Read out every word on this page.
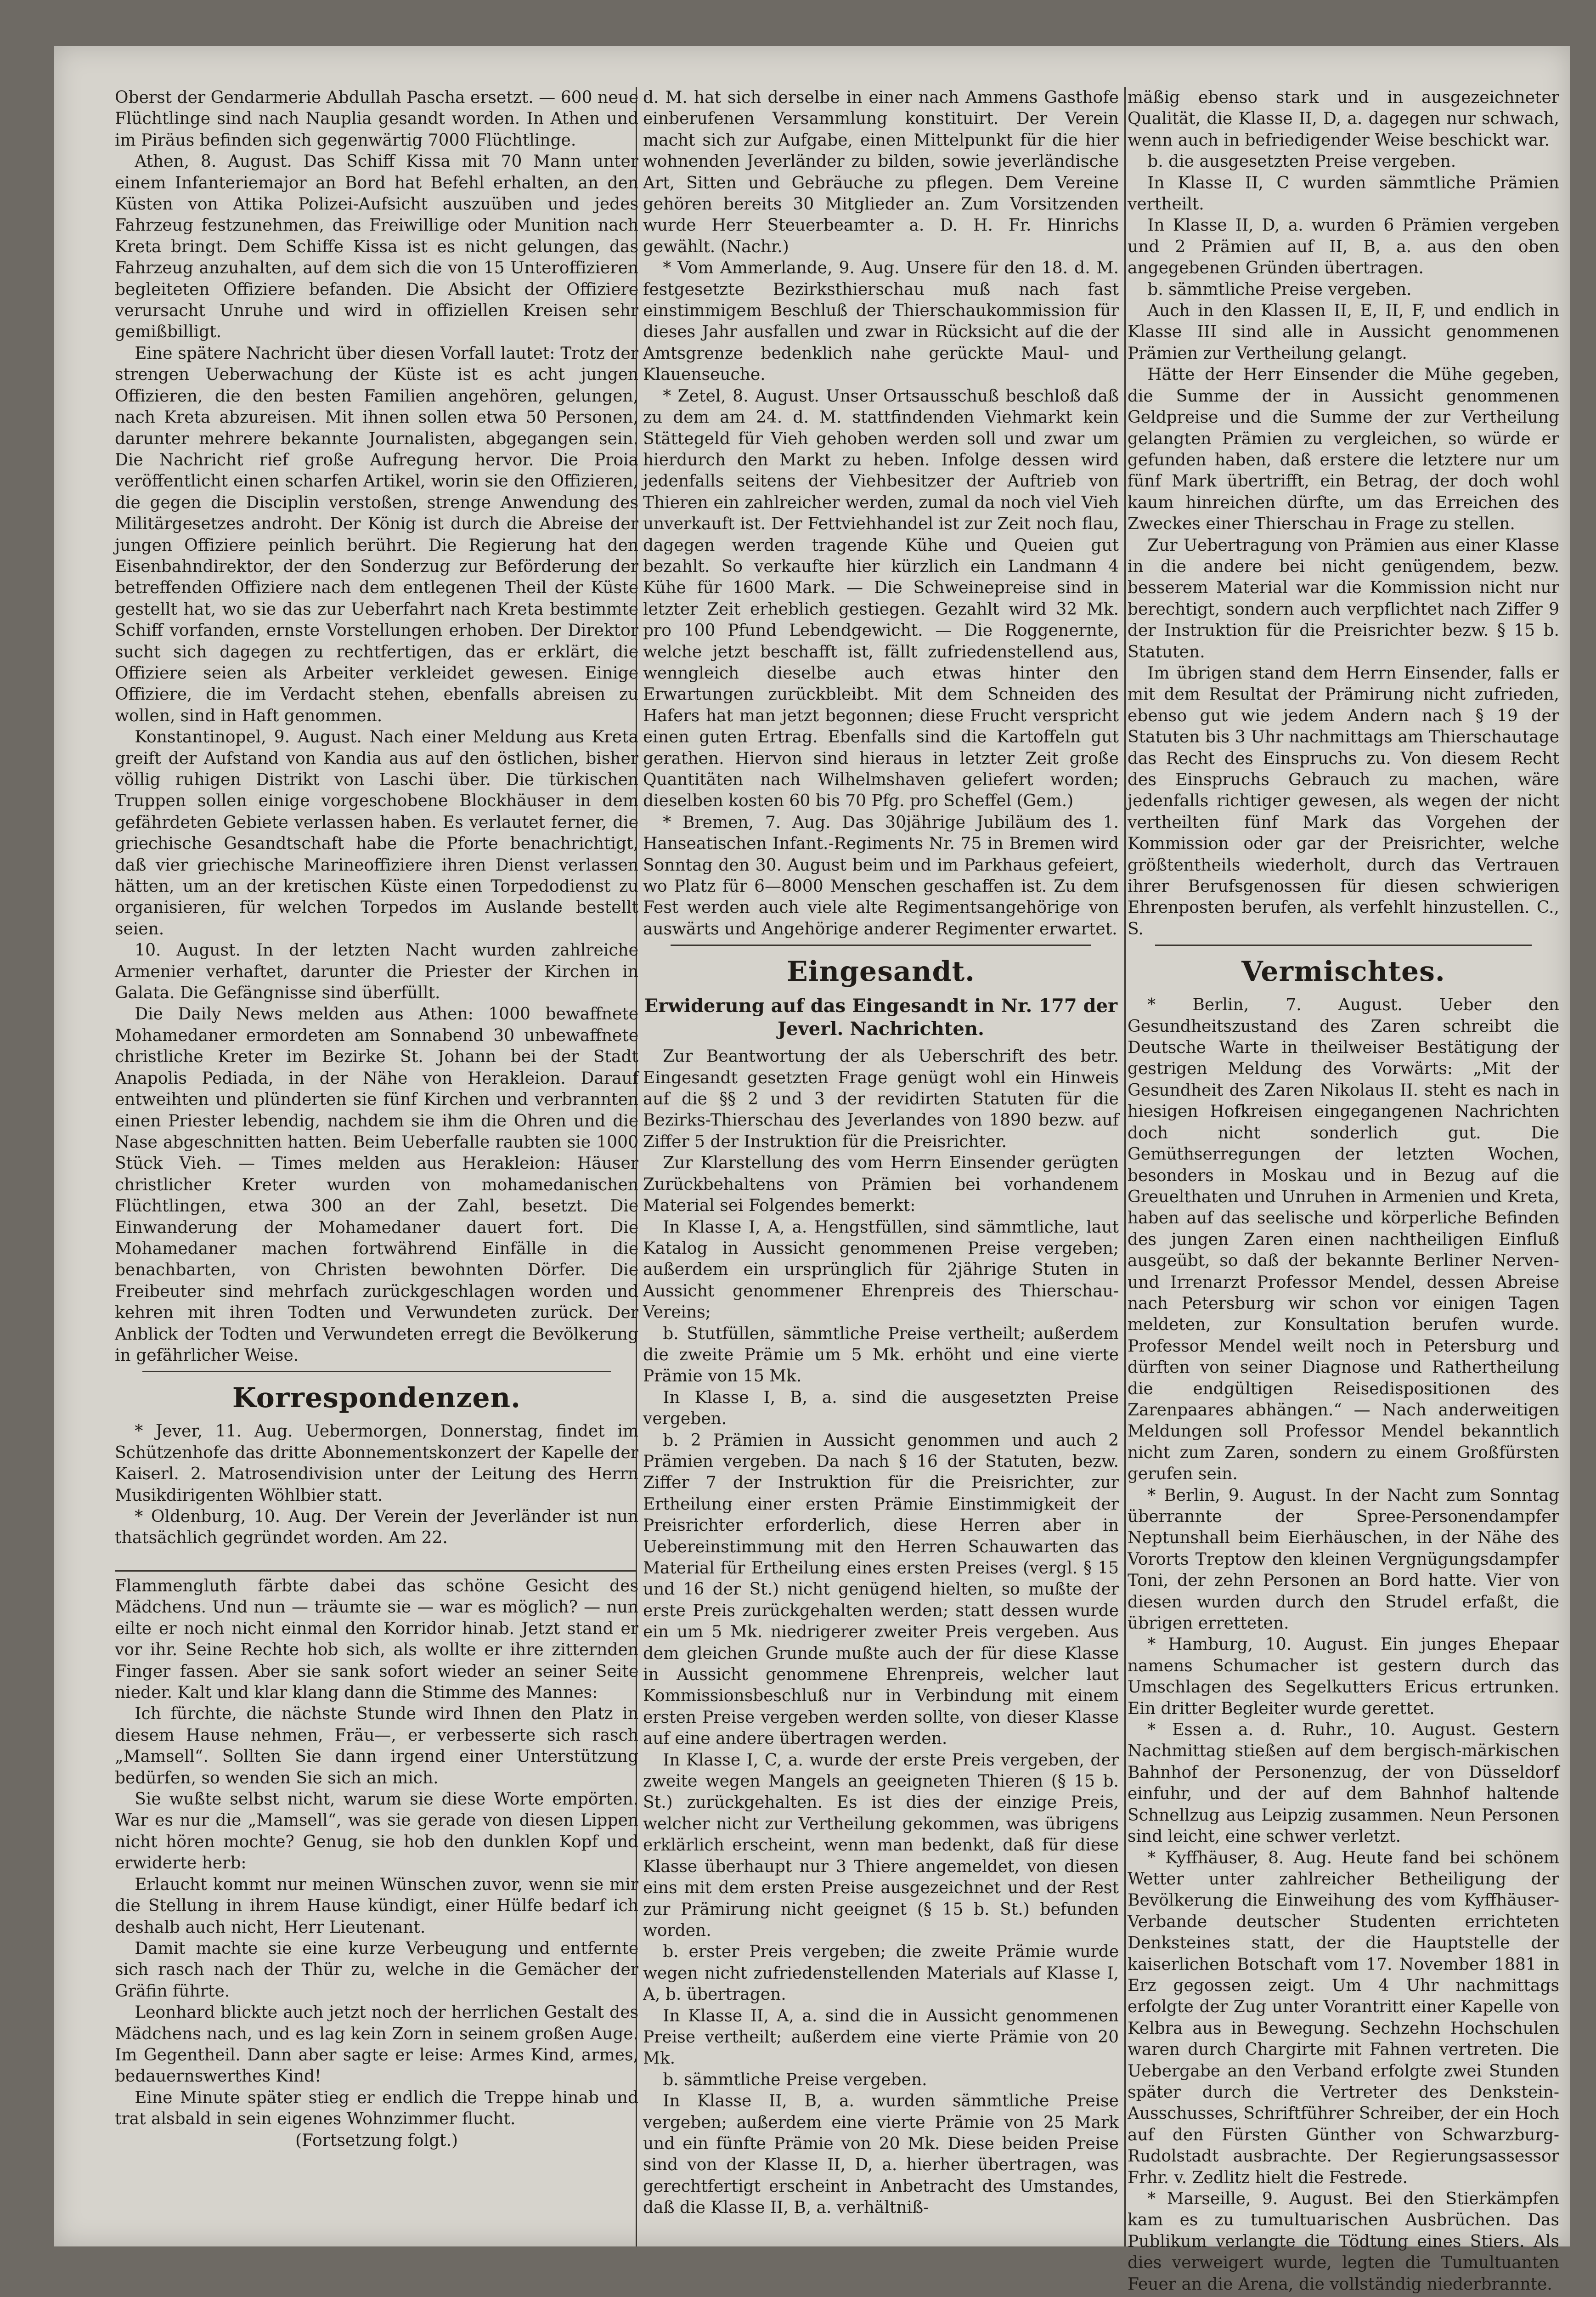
Oberst der Gendarmerie Abdullah Pascha ersetzt. — 600 neue Flüchtlinge sind nach Nauplia gesandt worden. In Athen und im Piräus befinden sich gegenwärtig 7000 Flüchtlinge.

Athen, 8. August. Das Schiff Kissa mit 70 Mann unter einem Infanteriemajor an Bord hat Befehl erhalten, an den Küsten von Attika Polizei-Aufsicht auszuüben und jedes Fahrzeug festzunehmen, das Freiwillige oder Munition nach Kreta bringt. Dem Schiffe Kissa ist es nicht gelungen, das Fahrzeug anzuhalten, auf dem sich die von 15 Unteroffizieren begleiteten Offiziere befanden. Die Absicht der Offiziere verursacht Unruhe und wird in offiziellen Kreisen sehr gemißbilligt.

Eine spätere Nachricht über diesen Vorfall lautet: Trotz der strengen Ueberwachung der Küste ist es acht jungen Offizieren, die den besten Familien angehören, gelungen, nach Kreta abzureisen. Mit ihnen sollen etwa 50 Personen, darunter mehrere bekannte Journalisten, abgegangen sein. Die Nachricht rief große Aufregung hervor. Die Proia veröffentlicht einen scharfen Artikel, worin sie den Offizieren, die gegen die Disciplin verstoßen, strenge Anwendung des Militärgesetzes androht. Der König ist durch die Abreise der jungen Offiziere peinlich berührt. Die Regierung hat den Eisenbahndirektor, der den Sonderzug zur Beförderung der betreffenden Offiziere nach dem entlegenen Theil der Küste gestellt hat, wo sie das zur Ueberfahrt nach Kreta bestimmte Schiff vorfanden, ernste Vorstellungen erhoben. Der Direktor sucht sich dagegen zu rechtfertigen, das er erklärt, die Offiziere seien als Arbeiter verkleidet gewesen. Einige Offiziere, die im Verdacht stehen, ebenfalls abreisen zu wollen, sind in Haft genommen.

Konstantinopel, 9. August. Nach einer Meldung aus Kreta greift der Aufstand von Kandia aus auf den östlichen, bisher völlig ruhigen Distrikt von Laschi über. Die türkischen Truppen sollen einige vorgeschobene Blockhäuser in dem gefährdeten Gebiete verlassen haben. Es verlautet ferner, die griechische Gesandtschaft habe die Pforte benachrichtigt, daß vier griechische Marineoffiziere ihren Dienst verlassen hätten, um an der kretischen Küste einen Torpedodienst zu organisieren, für welchen Torpedos im Auslande bestellt seien.

10. August. In der letzten Nacht wurden zahlreiche Armenier verhaftet, darunter die Priester der Kirchen in Galata. Die Gefängnisse sind überfüllt.

Die Daily News melden aus Athen: 1000 bewaffnete Mohamedaner ermordeten am Sonnabend 30 unbewaffnete christliche Kreter im Bezirke St. Johann bei der Stadt Anapolis Pediada, in der Nähe von Herakleion. Darauf entweihten und plünderten sie fünf Kirchen und verbrannten einen Priester lebendig, nachdem sie ihm die Ohren und die Nase abgeschnitten hatten. Beim Ueberfalle raubten sie 1000 Stück Vieh. — Times melden aus Herakleion: Häuser christlicher Kreter wurden von mohamedanischen Flüchtlingen, etwa 300 an der Zahl, besetzt. Die Einwanderung der Mohamedaner dauert fort. Die Mohamedaner machen fortwährend Einfälle in die benachbarten, von Christen bewohnten Dörfer. Die Freibeuter sind mehrfach zurückgeschlagen worden und kehren mit ihren Todten und Verwundeten zurück. Der Anblick der Todten und Verwundeten erregt die Bevölkerung in gefährlicher Weise.

Korrespondenzen.

* Jever, 11. Aug. Uebermorgen, Donnerstag, findet im Schützenhofe das dritte Abonnementskonzert der Kapelle der Kaiserl. 2. Matrosendivision unter der Leitung des Herrn Musikdirigenten Wöhlbier statt.

* Oldenburg, 10. Aug. Der Verein der Jeverländer ist nun thatsächlich gegründet worden. Am 22.

Flammengluth färbte dabei das schöne Gesicht des Mädchens. Und nun — träumte sie — war es möglich? — nun eilte er noch nicht einmal den Korridor hinab. Jetzt stand er vor ihr. Seine Rechte hob sich, als wollte er ihre zitternden Finger fassen. Aber sie sank sofort wieder an seiner Seite nieder. Kalt und klar klang dann die Stimme des Mannes:

Ich fürchte, die nächste Stunde wird Ihnen den Platz in diesem Hause nehmen, Fräu—, er verbesserte sich rasch „Mamsell“. Sollten Sie dann irgend einer Unterstützung bedürfen, so wenden Sie sich an mich.

Sie wußte selbst nicht, warum sie diese Worte empörten. War es nur die „Mamsell“, was sie gerade von diesen Lippen nicht hören mochte? Genug, sie hob den dunklen Kopf und erwiderte herb:

Erlaucht kommt nur meinen Wünschen zuvor, wenn sie mir die Stellung in ihrem Hause kündigt, einer Hülfe bedarf ich deshalb auch nicht, Herr Lieutenant.

Damit machte sie eine kurze Verbeugung und entfernte sich rasch nach der Thür zu, welche in die Gemächer der Gräfin führte.

Leonhard blickte auch jetzt noch der herrlichen Gestalt des Mädchens nach, und es lag kein Zorn in seinem großen Auge. Im Gegentheil. Dann aber sagte er leise: Armes Kind, armes, bedauernswerthes Kind!

Eine Minute später stieg er endlich die Treppe hinab und trat alsbald in sein eigenes Wohnzimmer flucht.

(Fortsetzung folgt.)

d. M. hat sich derselbe in einer nach Ammens Gasthofe einberufenen Versammlung konstituirt. Der Verein macht sich zur Aufgabe, einen Mittelpunkt für die hier wohnenden Jeverländer zu bilden, sowie jeverländische Art, Sitten und Gebräuche zu pflegen. Dem Vereine gehören bereits 30 Mitglieder an. Zum Vorsitzenden wurde Herr Steuerbeamter a. D. H. Fr. Hinrichs gewählt. (Nachr.)

* Vom Ammerlande, 9. Aug. Unsere für den 18. d. M. festgesetzte Bezirksthierschau muß nach fast einstimmigem Beschluß der Thierschaukommission für dieses Jahr ausfallen und zwar in Rücksicht auf die der Amtsgrenze bedenklich nahe gerückte Maul- und Klauenseuche.

* Zetel, 8. August. Unser Ortsausschuß beschloß daß zu dem am 24. d. M. stattfindenden Viehmarkt kein Stättegeld für Vieh gehoben werden soll und zwar um hierdurch den Markt zu heben. Infolge dessen wird jedenfalls seitens der Viehbesitzer der Auftrieb von Thieren ein zahlreicher werden, zumal da noch viel Vieh unverkauft ist. Der Fettviehhandel ist zur Zeit noch flau, dagegen werden tragende Kühe und Queien gut bezahlt. So verkaufte hier kürzlich ein Landmann 4 Kühe für 1600 Mark. — Die Schweinepreise sind in letzter Zeit erheblich gestiegen. Gezahlt wird 32 Mk. pro 100 Pfund Lebendgewicht. — Die Roggenernte, welche jetzt beschafft ist, fällt zufriedenstellend aus, wenngleich dieselbe auch etwas hinter den Erwartungen zurückbleibt. Mit dem Schneiden des Hafers hat man jetzt begonnen; diese Frucht verspricht einen guten Ertrag. Ebenfalls sind die Kartoffeln gut gerathen. Hiervon sind hieraus in letzter Zeit große Quantitäten nach Wilhelmshaven geliefert worden; dieselben kosten 60 bis 70 Pfg. pro Scheffel (Gem.)

* Bremen, 7. Aug. Das 30jährige Jubiläum des 1. Hanseatischen Infant.-Regiments Nr. 75 in Bremen wird Sonntag den 30. August beim und im Parkhaus gefeiert, wo Platz für 6—8000 Menschen geschaffen ist. Zu dem Fest werden auch viele alte Regimentsangehörige von auswärts und Angehörige anderer Regimenter erwartet.

Eingesandt.
Erwiderung auf das Eingesandt in Nr. 177 der Jeverl. Nachrichten.

Zur Beantwortung der als Ueberschrift des betr. Eingesandt gesetzten Frage genügt wohl ein Hinweis auf die §§ 2 und 3 der revidirten Statuten für die Bezirks-Thierschau des Jeverlandes von 1890 bezw. auf Ziffer 5 der Instruktion für die Preisrichter.

Zur Klarstellung des vom Herrn Einsender gerügten Zurückbehaltens von Prämien bei vorhandenem Material sei Folgendes bemerkt:

In Klasse I, A, a. Hengstfüllen, sind sämmtliche, laut Katalog in Aussicht genommenen Preise vergeben; außerdem ein ursprünglich für 2jährige Stuten in Aussicht genommener Ehrenpreis des Thierschau-Vereins;

b. Stutfüllen, sämmtliche Preise vertheilt; außerdem die zweite Prämie um 5 Mk. erhöht und eine vierte Prämie von 15 Mk.

In Klasse I, B, a. sind die ausgesetzten Preise vergeben.

b. 2 Prämien in Aussicht genommen und auch 2 Prämien vergeben. Da nach § 16 der Statuten, bezw. Ziffer 7 der Instruktion für die Preisrichter, zur Ertheilung einer ersten Prämie Einstimmigkeit der Preisrichter erforderlich, diese Herren aber in Uebereinstimmung mit den Herren Schauwarten das Material für Ertheilung eines ersten Preises (vergl. § 15 und 16 der St.) nicht genügend hielten, so mußte der erste Preis zurückgehalten werden; statt dessen wurde ein um 5 Mk. niedrigerer zweiter Preis vergeben. Aus dem gleichen Grunde mußte auch der für diese Klasse in Aussicht genommene Ehrenpreis, welcher laut Kommissionsbeschluß nur in Verbindung mit einem ersten Preise vergeben werden sollte, von dieser Klasse auf eine andere übertragen werden.

In Klasse I, C, a. wurde der erste Preis vergeben, der zweite wegen Mangels an geeigneten Thieren (§ 15 b. St.) zurückgehalten. Es ist dies der einzige Preis, welcher nicht zur Vertheilung gekommen, was übrigens erklärlich erscheint, wenn man bedenkt, daß für diese Klasse überhaupt nur 3 Thiere angemeldet, von diesen eins mit dem ersten Preise ausgezeichnet und der Rest zur Prämirung nicht geeignet (§ 15 b. St.) befunden worden.

b. erster Preis vergeben; die zweite Prämie wurde wegen nicht zufriedenstellenden Materials auf Klasse I, A, b. übertragen.

In Klasse II, A, a. sind die in Aussicht genommenen Preise vertheilt; außerdem eine vierte Prämie von 20 Mk.

b. sämmtliche Preise vergeben.

In Klasse II, B, a. wurden sämmtliche Preise vergeben; außerdem eine vierte Prämie von 25 Mark und ein fünfte Prämie von 20 Mk. Diese beiden Preise sind von der Klasse II, D, a. hierher übertragen, was gerechtfertigt erscheint in Anbetracht des Umstandes, daß die Klasse II, B, a. verhältniß-

mäßig ebenso stark und in ausgezeichneter Qualität, die Klasse II, D, a. dagegen nur schwach, wenn auch in befriedigender Weise beschickt war.

b. die ausgesetzten Preise vergeben.

In Klasse II, C wurden sämmtliche Prämien vertheilt.

In Klasse II, D, a. wurden 6 Prämien vergeben und 2 Prämien auf II, B, a. aus den oben angegebenen Gründen übertragen.

b. sämmtliche Preise vergeben.

Auch in den Klassen II, E, II, F, und endlich in Klasse III sind alle in Aussicht genommenen Prämien zur Vertheilung gelangt.

Hätte der Herr Einsender die Mühe gegeben, die Summe der in Aussicht genommenen Geldpreise und die Summe der zur Vertheilung gelangten Prämien zu vergleichen, so würde er gefunden haben, daß erstere die letztere nur um fünf Mark übertrifft, ein Betrag, der doch wohl kaum hinreichen dürfte, um das Erreichen des Zweckes einer Thierschau in Frage zu stellen.

Zur Uebertragung von Prämien aus einer Klasse in die andere bei nicht genügendem, bezw. besserem Material war die Kommission nicht nur berechtigt, sondern auch verpflichtet nach Ziffer 9 der Instruktion für die Preisrichter bezw. § 15 b. Statuten.

Im übrigen stand dem Herrn Einsender, falls er mit dem Resultat der Prämirung nicht zufrieden, ebenso gut wie jedem Andern nach § 19 der Statuten bis 3 Uhr nachmittags am Thierschautage das Recht des Einspruchs zu. Von diesem Recht des Einspruchs Gebrauch zu machen, wäre jedenfalls richtiger gewesen, als wegen der nicht vertheilten fünf Mark das Vorgehen der Kommission oder gar der Preisrichter, welche größtentheils wiederholt, durch das Vertrauen ihrer Berufsgenossen für diesen schwierigen Ehrenposten berufen, als verfehlt hinzustellen. C., S.

Vermischtes.

* Berlin, 7. August. Ueber den Gesundheitszustand des Zaren schreibt die Deutsche Warte in theilweiser Bestätigung der gestrigen Meldung des Vorwärts: „Mit der Gesundheit des Zaren Nikolaus II. steht es nach in hiesigen Hofkreisen eingegangenen Nachrichten doch nicht sonderlich gut. Die Gemüthserregungen der letzten Wochen, besonders in Moskau und in Bezug auf die Greuelthaten und Unruhen in Armenien und Kreta, haben auf das seelische und körperliche Befinden des jungen Zaren einen nachtheiligen Einfluß ausgeübt, so daß der bekannte Berliner Nerven- und Irrenarzt Professor Mendel, dessen Abreise nach Petersburg wir schon vor einigen Tagen meldeten, zur Konsultation berufen wurde. Professor Mendel weilt noch in Petersburg und dürften von seiner Diagnose und Rathertheilung die endgültigen Reisedispositionen des Zarenpaares abhängen.“ — Nach anderweitigen Meldungen soll Professor Mendel bekanntlich nicht zum Zaren, sondern zu einem Großfürsten gerufen sein.

* Berlin, 9. August. In der Nacht zum Sonntag überrannte der Spree-Personendampfer Neptunshall beim Eierhäuschen, in der Nähe des Vororts Treptow den kleinen Vergnügungsdampfer Toni, der zehn Personen an Bord hatte. Vier von diesen wurden durch den Strudel erfaßt, die übrigen erretteten.

* Hamburg, 10. August. Ein junges Ehepaar namens Schumacher ist gestern durch das Umschlagen des Segelkutters Ericus ertrunken. Ein dritter Begleiter wurde gerettet.

* Essen a. d. Ruhr., 10. August. Gestern Nachmittag stießen auf dem bergisch-märkischen Bahnhof der Personenzug, der von Düsseldorf einfuhr, und der auf dem Bahnhof haltende Schnellzug aus Leipzig zusammen. Neun Personen sind leicht, eine schwer verletzt.

* Kyffhäuser, 8. Aug. Heute fand bei schönem Wetter unter zahlreicher Betheiligung der Bevölkerung die Einweihung des vom Kyffhäuser-Verbande deutscher Studenten errichteten Denksteines statt, der die Hauptstelle der kaiserlichen Botschaft vom 17. November 1881 in Erz gegossen zeigt. Um 4 Uhr nachmittags erfolgte der Zug unter Vorantritt einer Kapelle von Kelbra aus in Bewegung. Sechzehn Hochschulen waren durch Chargirte mit Fahnen vertreten. Die Uebergabe an den Verband erfolgte zwei Stunden später durch die Vertreter des Denkstein-Ausschusses, Schriftführer Schreiber, der ein Hoch auf den Fürsten Günther von Schwarzburg-Rudolstadt ausbrachte. Der Regierungsassessor Frhr. v. Zedlitz hielt die Festrede.

* Marseille, 9. August. Bei den Stierkämpfen kam es zu tumultuarischen Ausbrüchen. Das Publikum verlangte die Tödtung eines Stiers. Als dies verweigert wurde, legten die Tumultuanten Feuer an die Arena, die vollständig niederbrannte.
